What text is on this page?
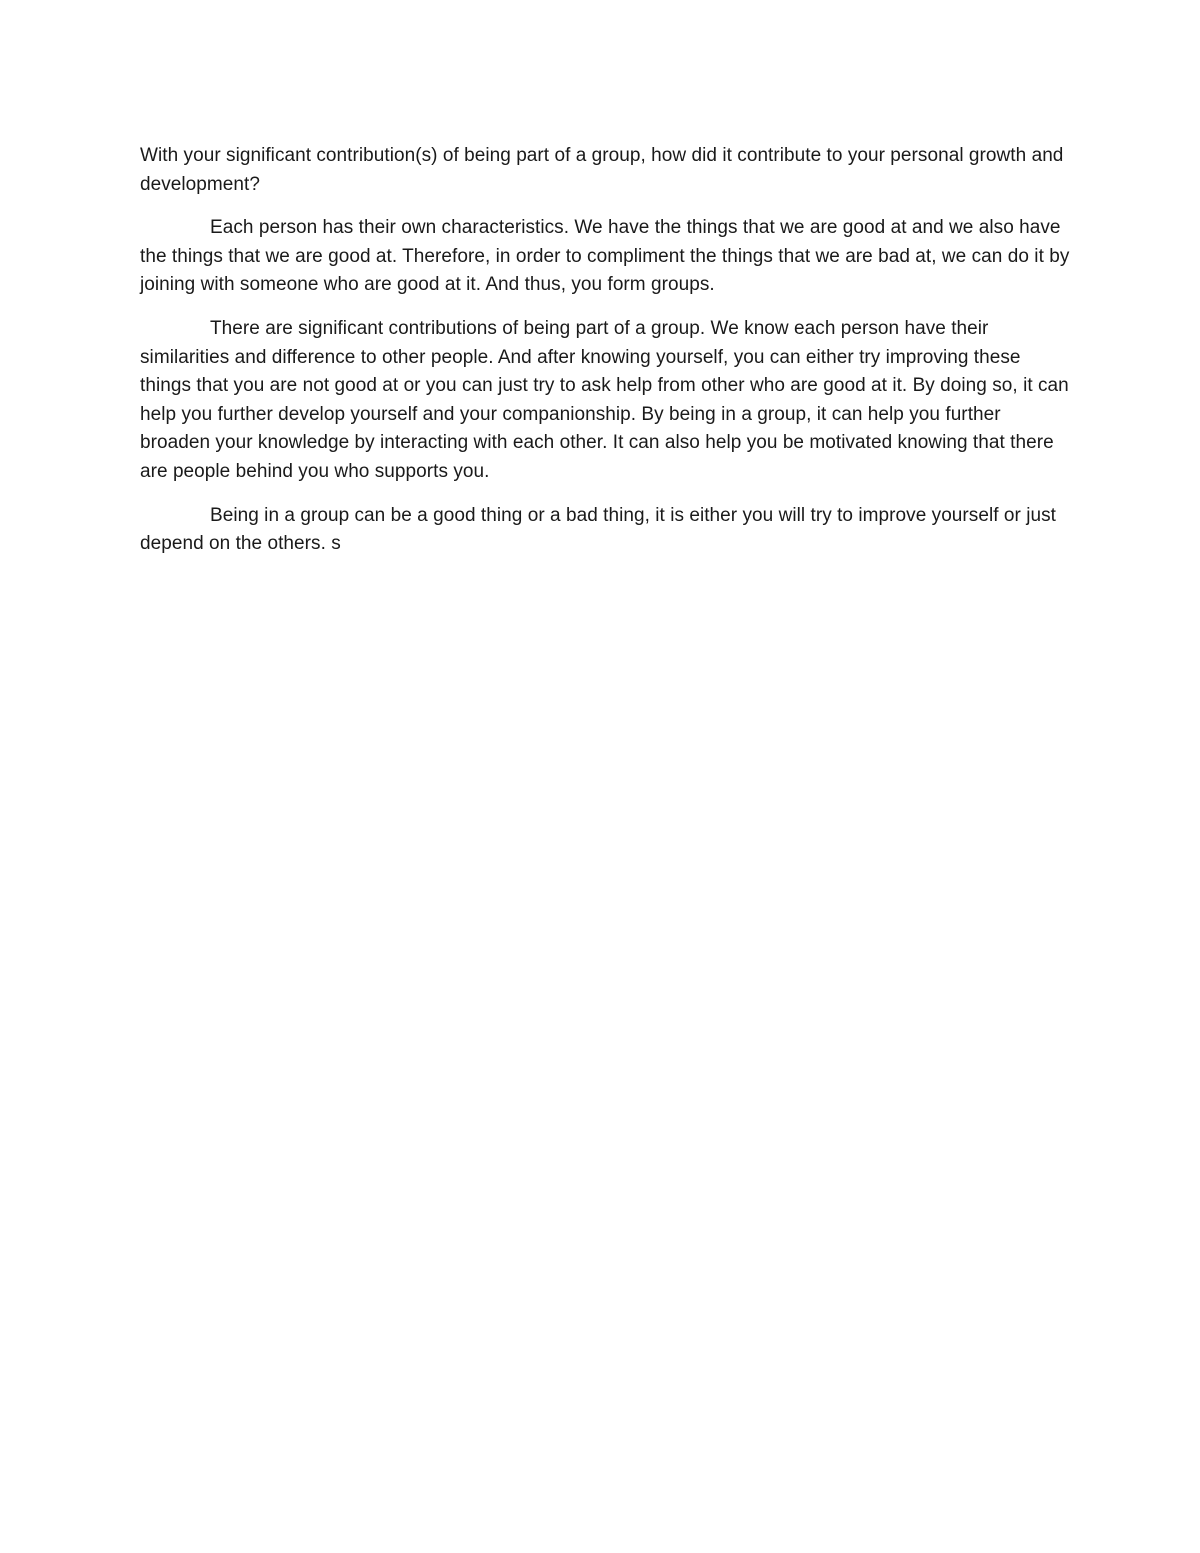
With your significant contribution(s) of being part of a group, how did it contribute to your personal growth and development?

Each person has their own characteristics. We have the things that we are good at and we also have the things that we are good at. Therefore, in order to compliment the things that we are bad at, we can do it by joining with someone who are good at it. And thus, you form groups.

There are significant contributions of being part of a group. We know each person have their similarities and difference to other people. And after knowing yourself, you can either try improving these things that you are not good at or you can just try to ask help from other who are good at it. By doing so, it can help you further develop yourself and your companionship. By being in a group, it can help you further broaden your knowledge by interacting with each other. It can also help you be motivated knowing that there are people behind you who supports you.

Being in a group can be a good thing or a bad thing, it is either you will try to improve yourself or just depend on the others. s
